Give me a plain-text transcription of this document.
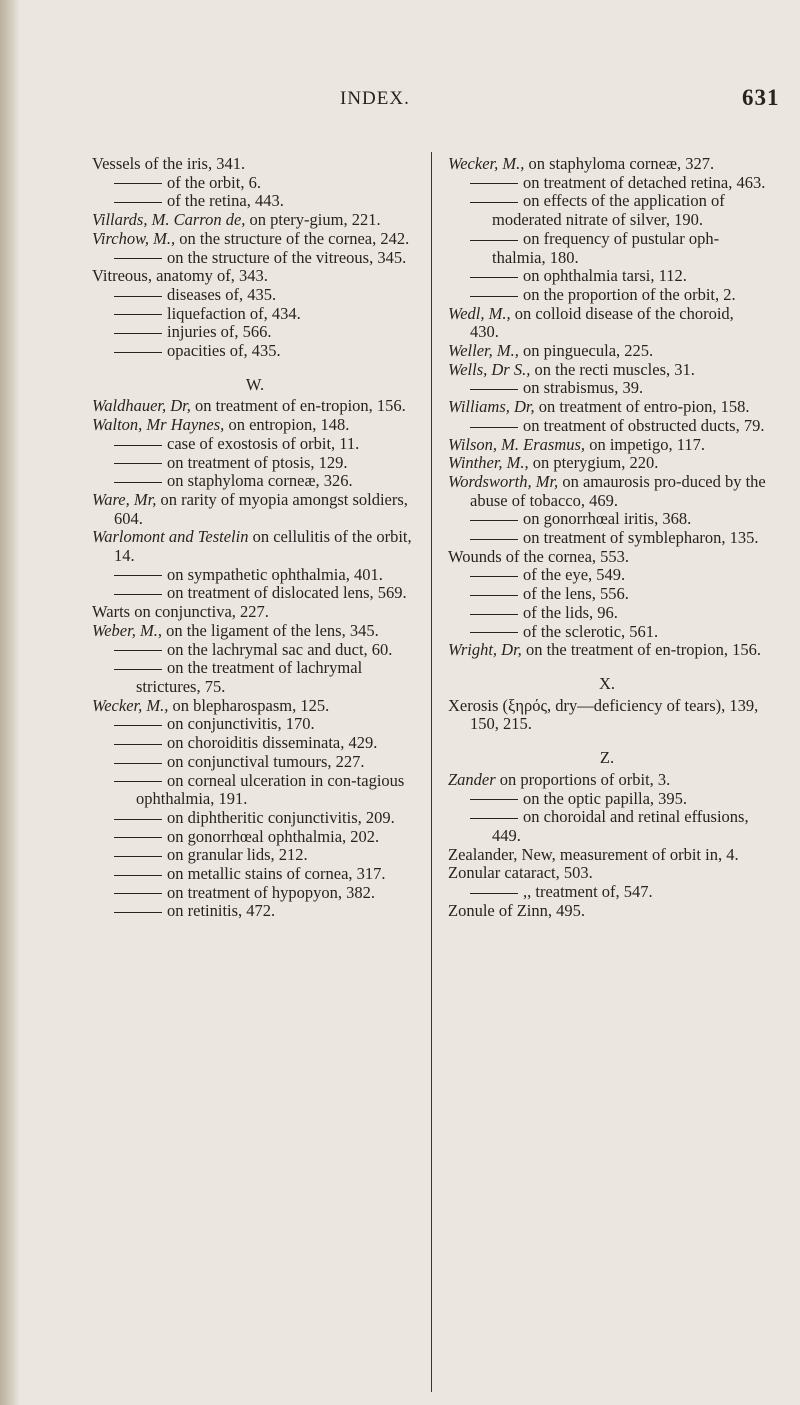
INDEX.	631

Vessels of the iris, 341.

of the orbit, 6.

of the retina, 443.

Villards, M. Carron de, on ptery-gium, 221.

Virchow, M., on the structure of the cornea, 242.

on the structure of the vitreous, 345.

Vitreous, anatomy of, 343.

diseases of, 435.

liquefaction of, 434.

injuries of, 566.

opacities of, 435.

W.

Waldhauer, Dr, on treatment of en-tropion, 156.

Walton, Mr Haynes, on entropion, 148.

case of exostosis of orbit, 11.

on treatment of ptosis, 129.

on staphyloma corneæ, 326.

Ware, Mr, on rarity of myopia amongst soldiers, 604.

Warlomont and Testelin on cellulitis of the orbit, 14.

on sympathetic ophthalmia, 401.

on treatment of dislocated lens, 569.

Warts on conjunctiva, 227.

Weber, M., on the ligament of the lens, 345.

on the lachrymal sac and duct, 60.

on the treatment of lachrymal strictures, 75.

Wecker, M., on blepharospasm, 125.

on conjunctivitis, 170.

on choroiditis disseminata, 429.

on conjunctival tumours, 227.

on corneal ulceration in con-tagious ophthalmia, 191.

on diphtheritic conjunctivitis, 209.

on gonorrhœal ophthalmia, 202.

on granular lids, 212.

on metallic stains of cornea, 317.

on treatment of hypopyon, 382.

on retinitis, 472.

Wecker, M., on staphyloma corneæ, 327.

on treatment of detached retina, 463.

on effects of the application of moderated nitrate of silver, 190.

on frequency of pustular oph-thalmia, 180.

on ophthalmia tarsi, 112.

on the proportion of the orbit, 2.

Wedl, M., on colloid disease of the choroid, 430.

Weller, M., on pinguecula, 225.

Wells, Dr S., on the recti muscles, 31.

on strabismus, 39.

Williams, Dr, on treatment of entro-pion, 158.

on treatment of obstructed ducts, 79.

Wilson, M. Erasmus, on impetigo, 117.

Winther, M., on pterygium, 220.

Wordsworth, Mr, on amaurosis pro-duced by the abuse of tobacco, 469.

on gonorrhœal iritis, 368.

on treatment of symblepharon, 135.

Wounds of the cornea, 553.

of the eye, 549.

of the lens, 556.

of the lids, 96.

of the sclerotic, 561.

Wright, Dr, on the treatment of en-tropion, 156.

X.

Xerosis (ξηρός, dry—deficiency of tears), 139, 150, 215.

Z.

Zander on proportions of orbit, 3.

on the optic papilla, 395.

on choroidal and retinal effusions, 449.

Zealander, New, measurement of orbit in, 4.

Zonular cataract, 503.

,, treatment of, 547.

Zonule of Zinn, 495.
